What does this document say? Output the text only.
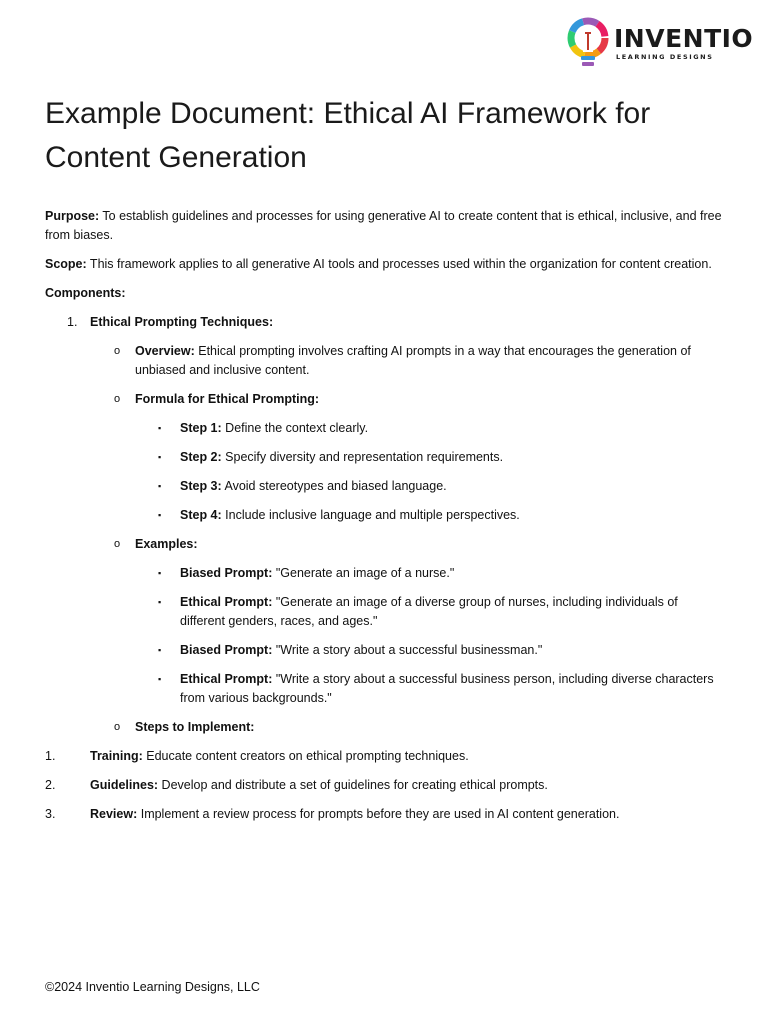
INVENTIO
LEARNING DESIGNS
Example Document: Ethical AI Framework for Content Generation

Purpose: To establish guidelines and processes for using generative AI to create content that is ethical, inclusive, and free from biases.

Scope: This framework applies to all generative AI tools and processes used within the organization for content creation.

Components:

1. Ethical Prompting Techniques:
o Overview: Ethical prompting involves crafting AI prompts in a way that encourages the generation of unbiased and inclusive content.
o Formula for Ethical Prompting:
▪ Step 1: Define the context clearly.
▪ Step 2: Specify diversity and representation requirements.
▪ Step 3: Avoid stereotypes and biased language.
▪ Step 4: Include inclusive language and multiple perspectives.
o Examples:
▪ Biased Prompt: "Generate an image of a nurse."
▪ Ethical Prompt: "Generate an image of a diverse group of nurses, including individuals of different genders, races, and ages."
▪ Biased Prompt: "Write a story about a successful businessman."
▪ Ethical Prompt: "Write a story about a successful business person, including diverse characters from various backgrounds."
o Steps to Implement:
1.	Training: Educate content creators on ethical prompting techniques.
2.	Guidelines: Develop and distribute a set of guidelines for creating ethical prompts.
3.	Review: Implement a review process for prompts before they are used in AI content generation.
©2024 Inventio Learning Designs, LLC
